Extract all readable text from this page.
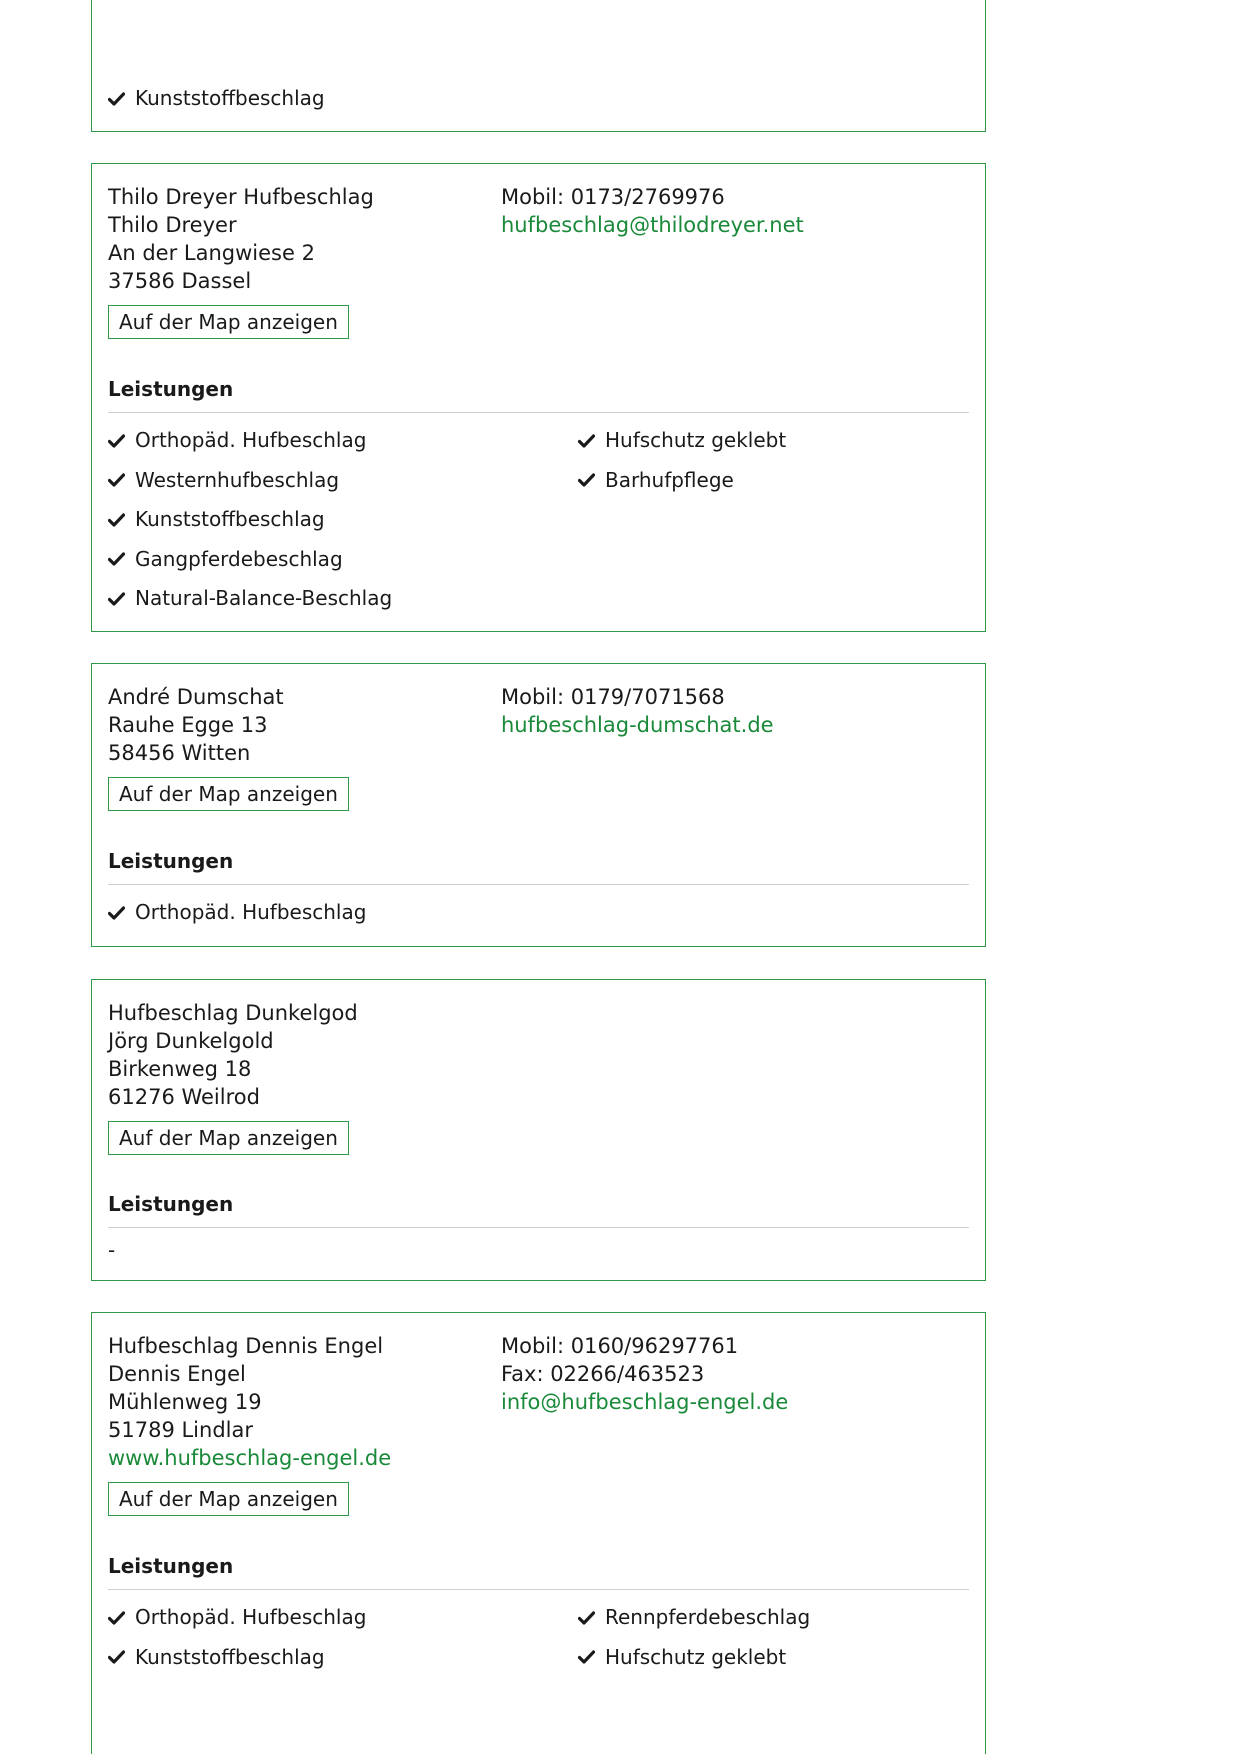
Kunststoffbeschlag

Thilo Dreyer Hufbeschlag

Thilo Dreyer

An der Langwiese 2

37586 Dassel

Auf der Map anzeigen

Mobil: 0173/2769976

hufbeschlag@thilodreyer.net

Leistungen

Orthopäd. Hufbeschlag
Westernhufbeschlag
Kunststoffbeschlag
Gangpferdebeschlag
Natural-Balance-Beschlag
Hufschutz geklebt
Barhufpflege

André Dumschat

Rauhe Egge 13

58456 Witten

Auf der Map anzeigen

Mobil: 0179/7071568

hufbeschlag-dumschat.de

Leistungen

Orthopäd. Hufbeschlag

Hufbeschlag Dunkelgod

Jörg Dunkelgold

Birkenweg 18

61276 Weilrod

Auf der Map anzeigen

Leistungen

-

Hufbeschlag Dennis Engel

Dennis Engel

Mühlenweg 19

51789 Lindlar

www.hufbeschlag-engel.de

Auf der Map anzeigen

Mobil: 0160/96297761

Fax: 02266/463523

info@hufbeschlag-engel.de

Leistungen

Orthopäd. Hufbeschlag
Kunststoffbeschlag
Rennpferdebeschlag
Hufschutz geklebt
